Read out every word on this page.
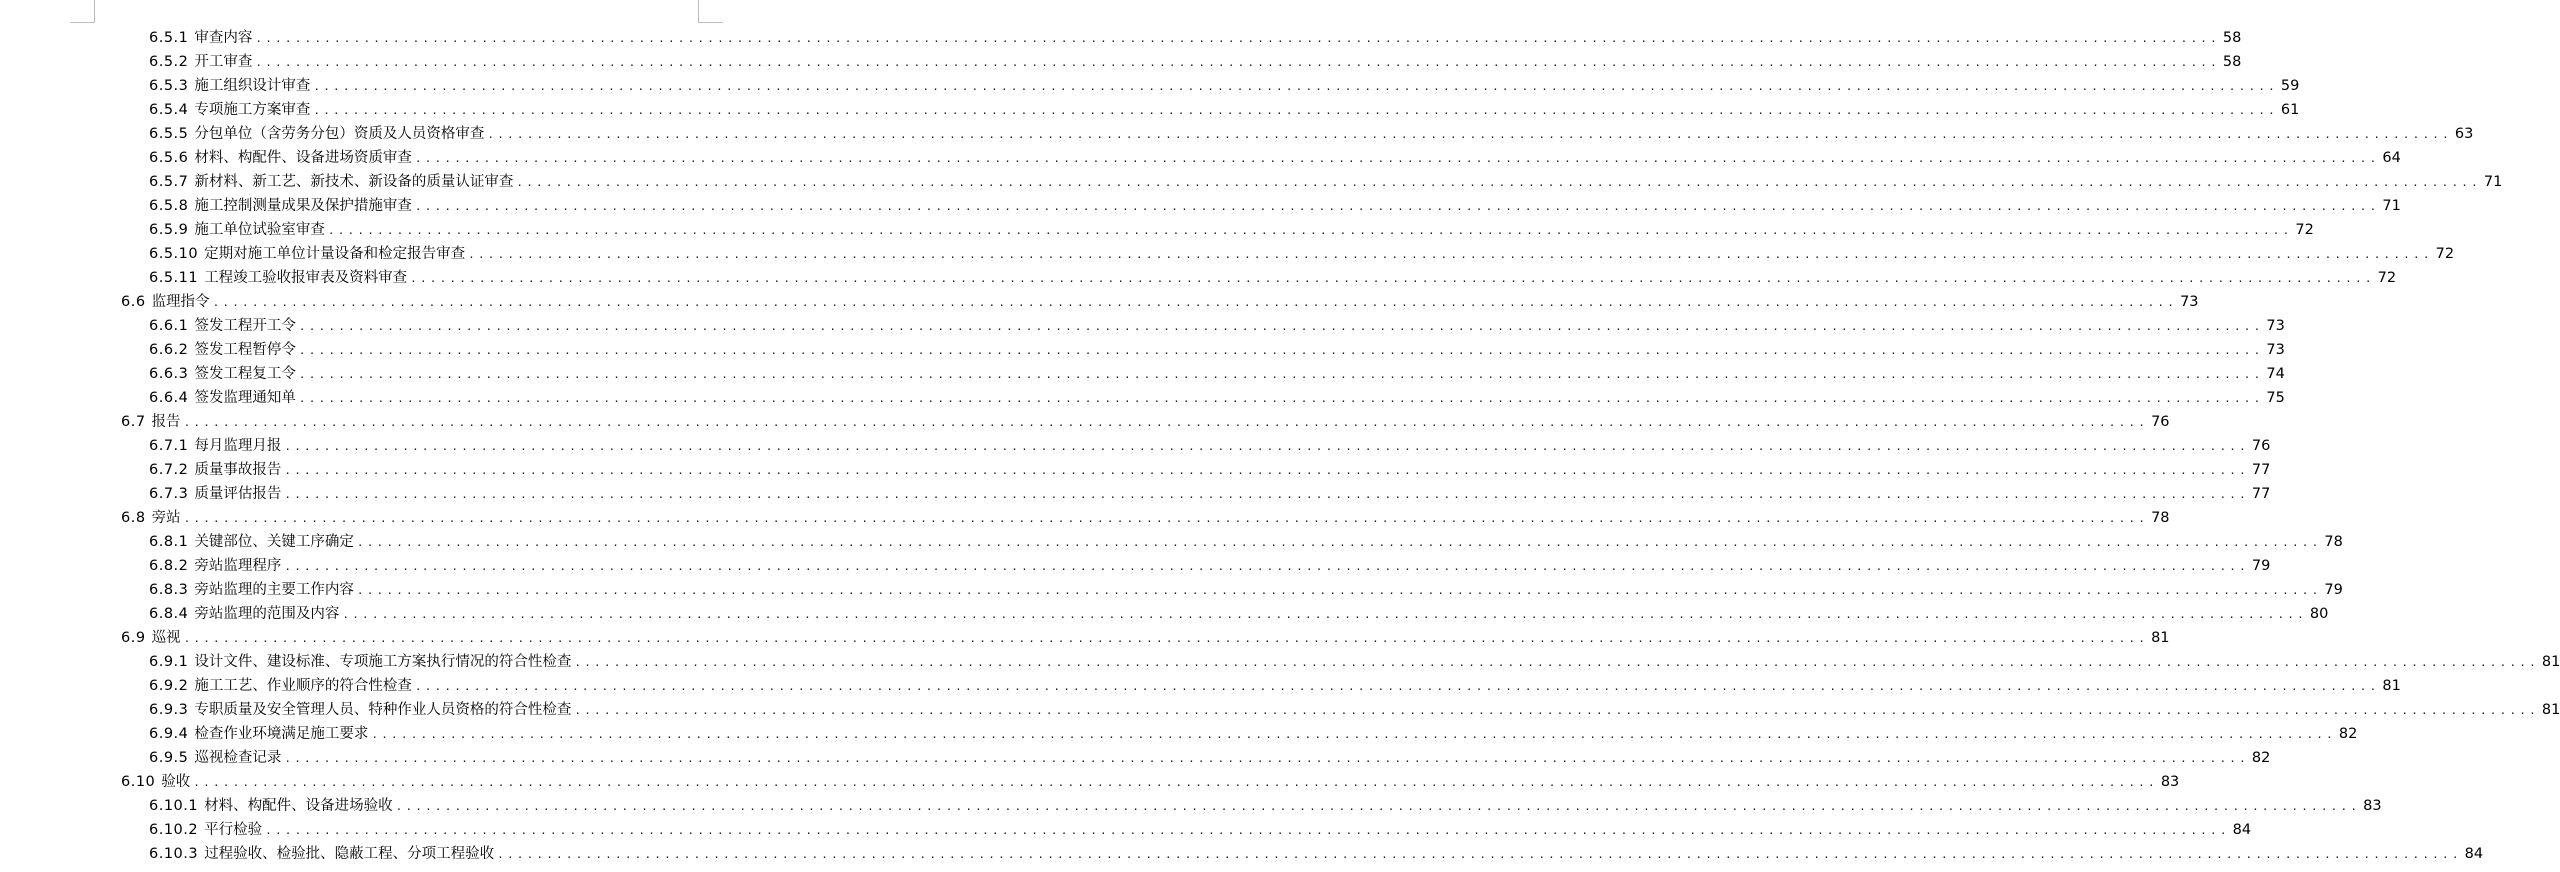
6.5.1 审查内容 ........................................................................................................................................................................................................ 58
6.5.2 开工审查 ........................................................................................................................................................................................................ 58
6.5.3 施工组织设计审查 ........................................................................................................................................................................................................ 59
6.5.4 专项施工方案审查 ........................................................................................................................................................................................................ 61
6.5.5 分包单位（含劳务分包）资质及人员资格审查 ........................................................................................................................................................................................................ 63
6.5.6 材料、构配件、设备进场资质审查 ........................................................................................................................................................................................................ 64
6.5.7 新材料、新工艺、新技术、新设备的质量认证审查 ........................................................................................................................................................................................................ 71
6.5.8 施工控制测量成果及保护措施审查 ........................................................................................................................................................................................................ 71
6.5.9 施工单位试验室审查 ........................................................................................................................................................................................................ 72
6.5.10 定期对施工单位计量设备和检定报告审查 ........................................................................................................................................................................................................ 72
6.5.11 工程竣工验收报审表及资料审查 ........................................................................................................................................................................................................ 72
6.6 监理指令 ........................................................................................................................................................................................................ 73
6.6.1 签发工程开工令 ........................................................................................................................................................................................................ 73
6.6.2 签发工程暂停令 ........................................................................................................................................................................................................ 73
6.6.3 签发工程复工令 ........................................................................................................................................................................................................ 74
6.6.4 签发监理通知单 ........................................................................................................................................................................................................ 75
6.7 报告 ........................................................................................................................................................................................................ 76
6.7.1 每月监理月报 ........................................................................................................................................................................................................ 76
6.7.2 质量事故报告 ........................................................................................................................................................................................................ 77
6.7.3 质量评估报告 ........................................................................................................................................................................................................ 77
6.8 旁站 ........................................................................................................................................................................................................ 78
6.8.1 关键部位、关键工序确定 ........................................................................................................................................................................................................ 78
6.8.2 旁站监理程序 ........................................................................................................................................................................................................ 79
6.8.3 旁站监理的主要工作内容 ........................................................................................................................................................................................................ 79
6.8.4 旁站监理的范围及内容 ........................................................................................................................................................................................................ 80
6.9 巡视 ........................................................................................................................................................................................................ 81
6.9.1 设计文件、建设标准、专项施工方案执行情况的符合性检查 ........................................................................................................................................................................................................ 81
6.9.2 施工工艺、作业顺序的符合性检查 ........................................................................................................................................................................................................ 81
6.9.3 专职质量及安全管理人员、特种作业人员资格的符合性检查 ........................................................................................................................................................................................................ 81
6.9.4 检查作业环境满足施工要求 ........................................................................................................................................................................................................ 82
6.9.5 巡视检查记录 ........................................................................................................................................................................................................ 82
6.10 验收 ........................................................................................................................................................................................................ 83
6.10.1 材料、构配件、设备进场验收 ........................................................................................................................................................................................................ 83
6.10.2 平行检验 ........................................................................................................................................................................................................ 84
6.10.3 过程验收、检验批、隐蔽工程、分项工程验收 ........................................................................................................................................................................................................ 84
